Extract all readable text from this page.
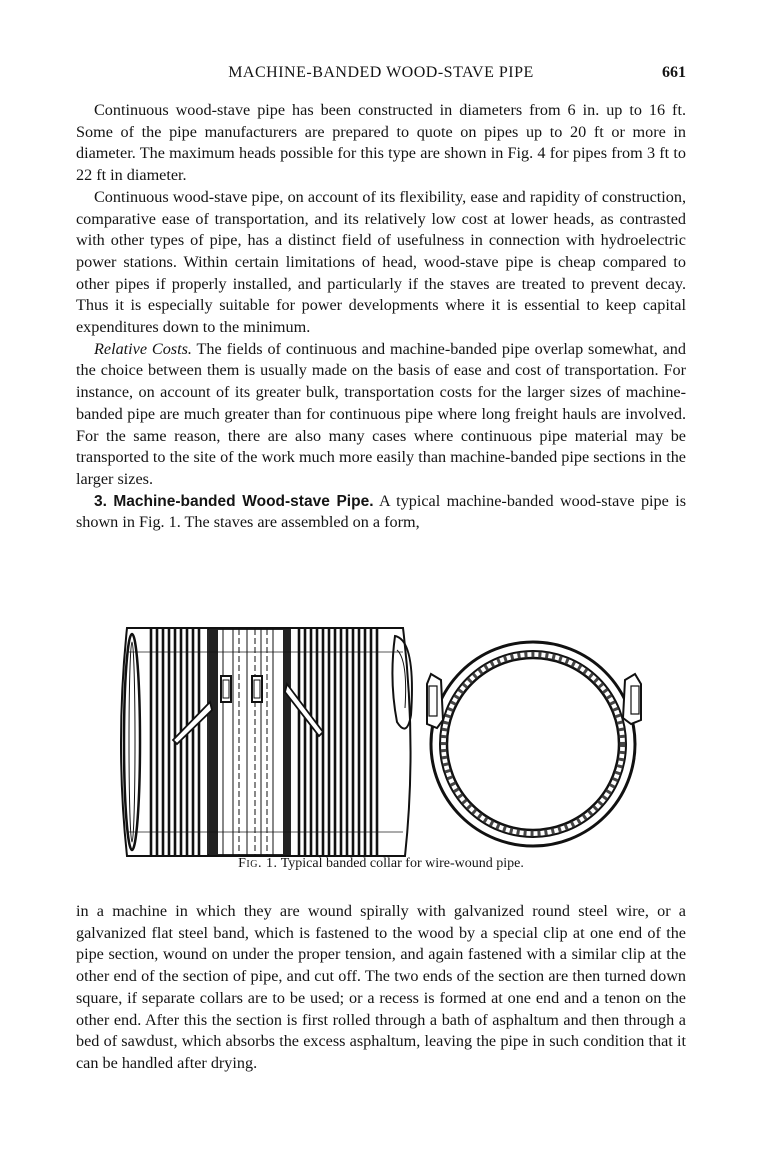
MACHINE-BANDED WOOD-STAVE PIPE	661

Continuous wood-stave pipe has been constructed in diameters from 6 in. up to 16 ft. Some of the pipe manufacturers are prepared to quote on pipes up to 20 ft or more in diameter. The maximum heads possible for this type are shown in Fig. 4 for pipes from 3 ft to 22 ft in diameter.

Continuous wood-stave pipe, on account of its flexibility, ease and rapidity of construction, comparative ease of transportation, and its relatively low cost at lower heads, as contrasted with other types of pipe, has a distinct field of usefulness in connection with hydroelectric power stations. Within certain limitations of head, wood-stave pipe is cheap compared to other pipes if properly installed, and particularly if the staves are treated to prevent decay. Thus it is especially suitable for power developments where it is essential to keep capital expenditures down to the minimum.

Relative Costs. The fields of continuous and machine-banded pipe overlap somewhat, and the choice between them is usually made on the basis of ease and cost of transportation. For instance, on account of its greater bulk, transportation costs for the larger sizes of machine-banded pipe are much greater than for continuous pipe where long freight hauls are involved. For the same reason, there are also many cases where continuous pipe material may be transported to the site of the work much more easily than machine-banded pipe sections in the larger sizes.

3. Machine-banded Wood-stave Pipe. A typical machine-banded wood-stave pipe is shown in Fig. 1. The staves are assembled on a form,

Fig. 1. Typical banded collar for wire-wound pipe.

in a machine in which they are wound spirally with galvanized round steel wire, or a galvanized flat steel band, which is fastened to the wood by a special clip at one end of the pipe section, wound on under the proper tension, and again fastened with a similar clip at the other end of the section of pipe, and cut off. The two ends of the section are then turned down square, if separate collars are to be used; or a recess is formed at one end and a tenon on the other end. After this the section is first rolled through a bath of asphaltum and then through a bed of sawdust, which absorbs the excess asphaltum, leaving the pipe in such condition that it can be handled after drying.
